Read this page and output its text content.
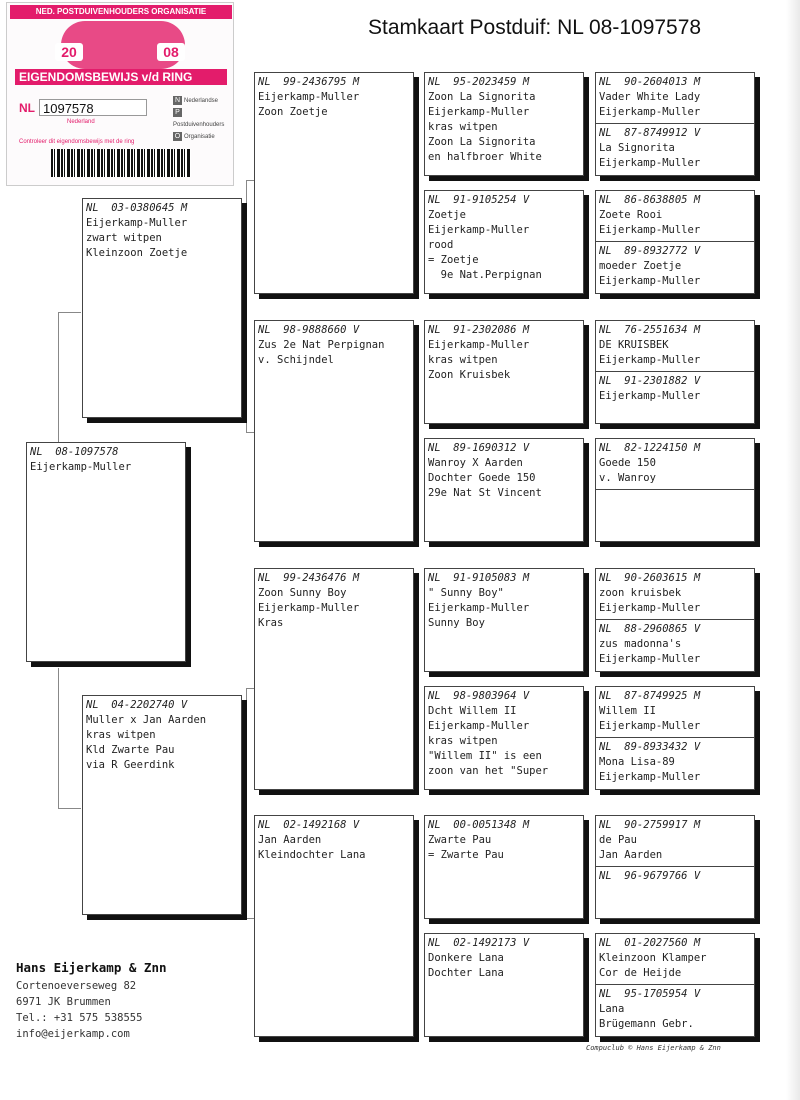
NED. POSTDUIVENHOUDERS ORGANISATIE
20	08
EIGENDOMSBEWIJS v/d RING
NL 1097578
Nederland
N Nederlandse
PPostduivenhouders
O Organisatie
Controleer dit eigendomsbewijs met de ring
Stamkaart Postduif: NL 08-1097578
NL  08-1097578
Eijerkamp-Muller
NL  03-0380645 M
Eijerkamp-Muller
zwart witpen
Kleinzoon Zoetje
NL  04-2202740 V
Muller x Jan Aarden
kras witpen
Kld Zwarte Pau
via R Geerdink
NL  99-2436795 M
Eijerkamp-Muller
Zoon Zoetje
NL  98-9888660 V
Zus 2e Nat Perpignan
v. Schijndel
NL  99-2436476 M
Zoon Sunny Boy
Eijerkamp-Muller
Kras
NL  02-1492168 V
Jan Aarden
Kleindochter Lana
NL  95-2023459 M
Zoon La Signorita
Eijerkamp-Muller
kras witpen
Zoon La Signorita
en halfbroer White
NL  91-9105254 V
Zoetje
Eijerkamp-Muller
rood
= Zoetje
9e Nat.Perpignan
NL  91-2302086 M
Eijerkamp-Muller
kras witpen
Zoon Kruisbek
NL  89-1690312 V
Wanroy X Aarden
Dochter Goede 150
29e Nat St Vincent
NL  91-9105083 M
" Sunny Boy"
Eijerkamp-Muller
Sunny Boy
NL  98-9803964 V
Dcht Willem II
Eijerkamp-Muller
kras witpen
"Willem II" is een
zoon van het "Super
NL  00-0051348 M
Zwarte Pau
= Zwarte Pau
NL  02-1492173 V
Donkere Lana
Dochter Lana
NL  90-2604013 M
Vader White Lady
Eijerkamp-Muller
NL  87-8749912 V
La Signorita
Eijerkamp-Muller
NL  86-8638805 M
Zoete Rooi
Eijerkamp-Muller
NL  89-8932772 V
moeder Zoetje
Eijerkamp-Muller
NL  76-2551634 M
DE KRUISBEK
Eijerkamp-Muller
NL  91-2301882 V
Eijerkamp-Muller
NL  82-1224150 M
Goede 150
v. Wanroy
NL  90-2603615 M
zoon kruisbek
Eijerkamp-Muller
NL  88-2960865 V
zus madonna's
Eijerkamp-Muller
NL  87-8749925 M
Willem II
Eijerkamp-Muller
NL  89-8933432 V
Mona Lisa-89
Eijerkamp-Muller
NL  90-2759917 M
de Pau
Jan Aarden
NL  96-9679766 V
NL  01-2027560 M
Kleinzoon Klamper
Cor de Heijde
NL  95-1705954 V
Lana
Brügemann Gebr.
Hans Eijerkamp & Znn
Cortenoeverseweg 82
6971 JK Brummen
Tel.: +31 575 538555
info@eijerkamp.com
Compuclub © Hans Eijerkamp & Znn
